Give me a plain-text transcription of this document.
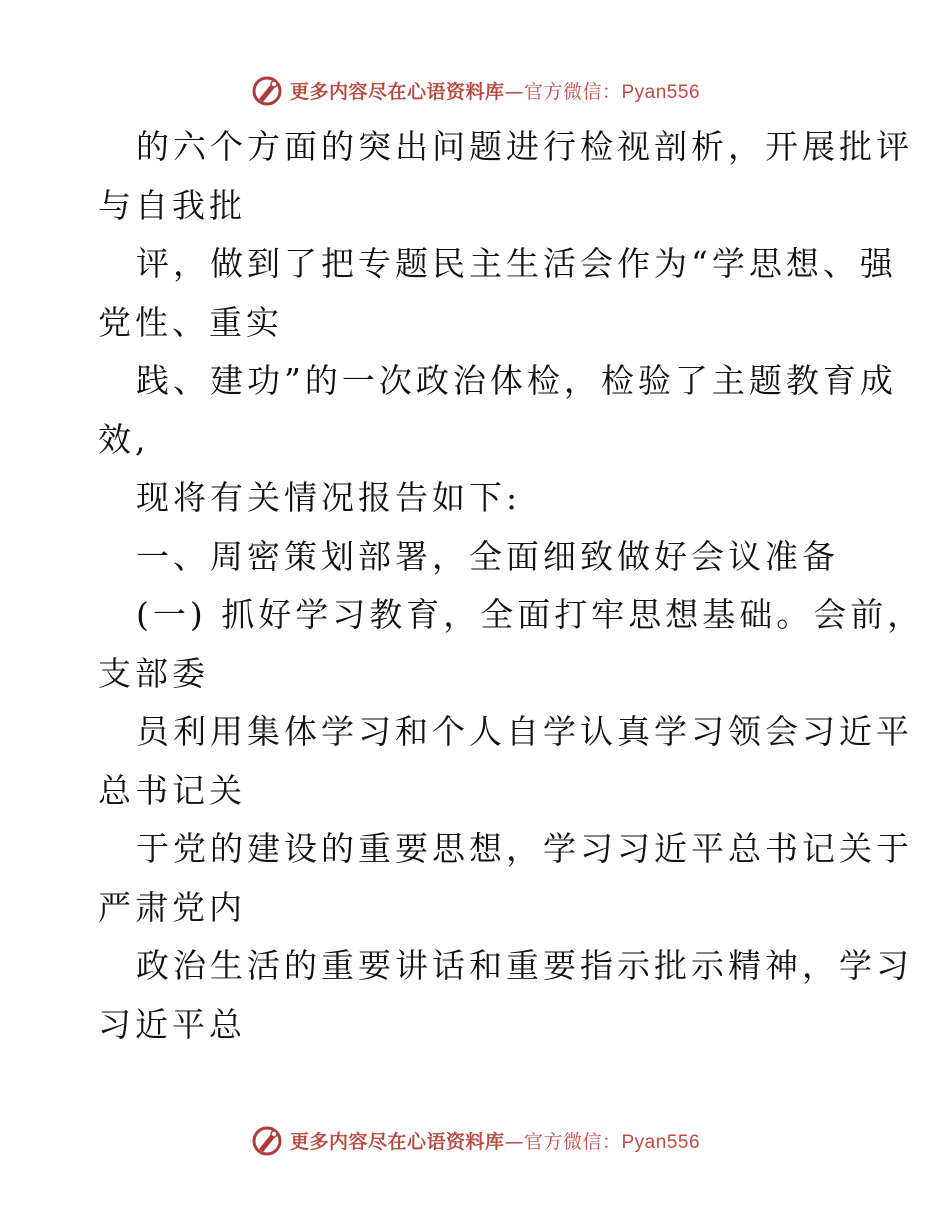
更多内容尽在心语资料库—官方微信：Pyan556
的六个方面的突出问题进行检视剖析，开展批评
与自我批
评，做到了把专题民主生活会作为“学思想、强
党性、重实
践、建功”的一次政治体检，检验了主题教育成
效,
现将有关情况报告如下:
一、周密策划部署，全面细致做好会议准备
(一) 抓好学习教育，全面打牢思想基础。会前，
支部委
员利用集体学习和个人自学认真学习领会习近平
总书记关
于党的建设的重要思想，学习习近平总书记关于
严肃党内
政治生活的重要讲话和重要指示批示精神，学习
习近平总
更多内容尽在心语资料库—官方微信：Pyan556
